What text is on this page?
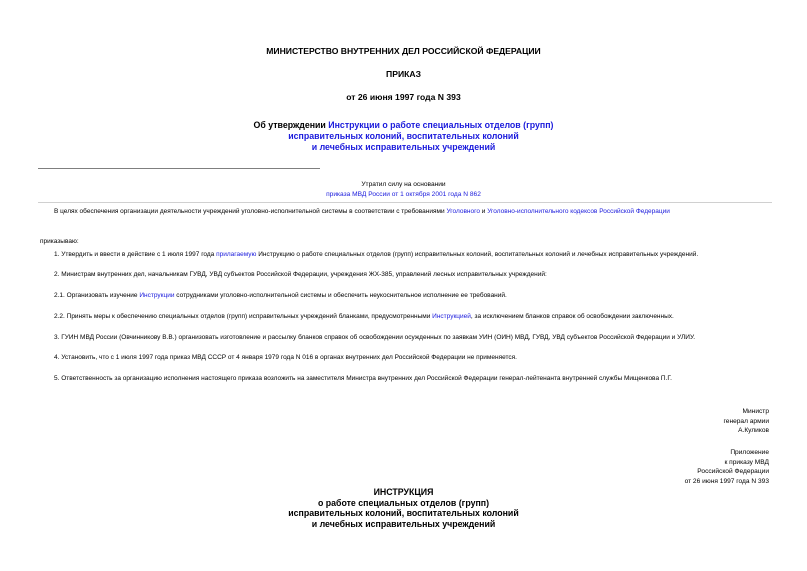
МИНИСТЕРСТВО ВНУТРЕННИХ ДЕЛ РОССИЙСКОЙ ФЕДЕРАЦИИ
ПРИКАЗ
от 26 июня 1997 года N 393
Об утверждении Инструкции о работе специальных отделов (групп)
исправительных колоний, воспитательных колоний
и лечебных исправительных учреждений
Утратил силу на основании
приказа МВД России от 1 октября 2001 года N 862
В целях обеспечения организации деятельности учреждений уголовно-исполнительной системы в соответствии с требованиями Уголовного и Уголовно-исполнительного кодексов Российской Федерации
приказываю:
1. Утвердить и ввести в действие с 1 июля 1997 года прилагаемую Инструкцию о работе специальных отделов (групп) исправительных колоний, воспитательных колоний и лечебных исправительных учреждений.
2. Министрам внутренних дел, начальникам ГУВД, УВД субъектов Российской Федерации, учреждения ЖХ-385, управлений лесных исправительных учреждений:
2.1. Организовать изучение Инструкции сотрудниками уголовно-исполнительной системы и обеспечить неукоснительное исполнение ее требований.
2.2. Принять меры к обеспечению специальных отделов (групп) исправительных учреждений бланками, предусмотренными Инструкцией, за исключением бланков справок об освобождении заключенных.
3. ГУИН МВД России (Овчинникову В.В.) организовать изготовление и рассылку бланков справок об освобождении осужденных по заявкам УИН (ОИН) МВД, ГУВД, УВД субъектов Российской Федерации и УЛИУ.
4. Установить, что с 1 июля 1997 года приказ МВД СССР от 4 января 1979 года N 016 в органах внутренних дел Российской Федерации не применяется.
5. Ответственность за организацию исполнения настоящего приказа возложить на заместителя Министра внутренних дел Российской Федерации генерал-лейтенанта внутренней службы Мищенкова П.Г.
Министр
генерал армии
А.Куликов
Приложение
к приказу МВД
Российской Федерации
от 26 июня 1997 года N 393
ИНСТРУКЦИЯ
о работе специальных отделов (групп)
исправительных колоний, воспитательных колоний
и лечебных исправительных учреждений
